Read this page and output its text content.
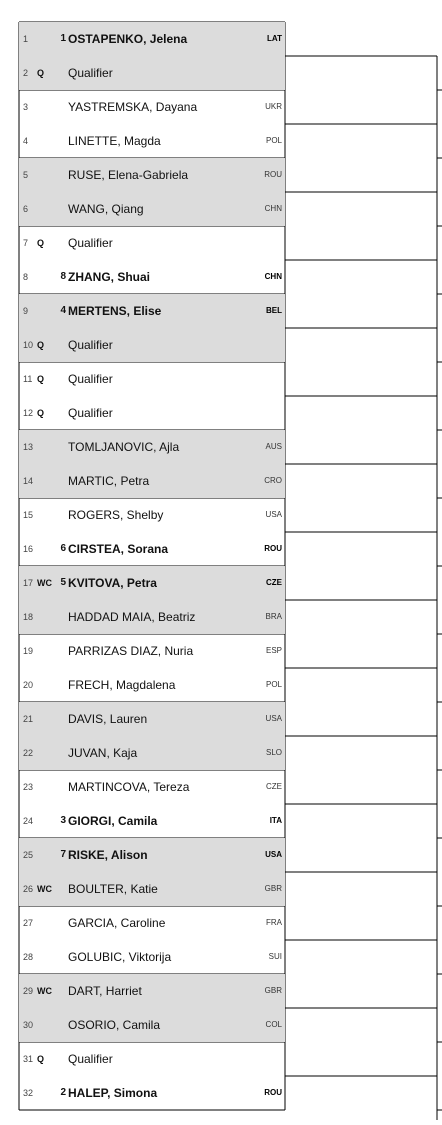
1	1 OSTAPENKO, Jelena	LAT
2 Q Qualifier
3	YASTREMSKA, Dayana	UKR
4	LINETTE, Magda	POL
5	RUSE, Elena-Gabriela	ROU
6	WANG, Qiang	CHN
7 Q Qualifier
8	8 ZHANG, Shuai	CHN
9	4 MERTENS, Elise	BEL
10 Q Qualifier
11 Q Qualifier
12 Q Qualifier
13	TOMLJANOVIC, Ajla	AUS
14	MARTIC, Petra	CRO
15	ROGERS, Shelby	USA
16	6 CIRSTEA, Sorana	ROU
17 WC 5 KVITOVA, Petra	CZE
18	HADDAD MAIA, Beatriz	BRA
19	PARRIZAS DIAZ, Nuria	ESP
20	FRECH, Magdalena	POL
21	DAVIS, Lauren	USA
22	JUVAN, Kaja	SLO
23	MARTINCOVA, Tereza	CZE
24	3 GIORGI, Camila	ITA
25	7 RISKE, Alison	USA
26 WC BOULTER, Katie	GBR
27	GARCIA, Caroline	FRA
28	GOLUBIC, Viktorija	SUI
29 WC DART, Harriet	GBR
30	OSORIO, Camila	COL
31 Q Qualifier
32	2 HALEP, Simona	ROU
